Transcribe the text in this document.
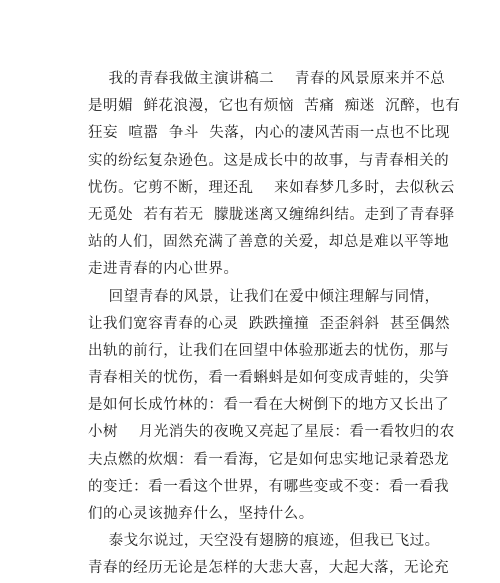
我的青春我做主演讲稿二    青春的风景原来并不总
是明媚  鲜花浪漫，它也有烦恼  苦痛  痴迷  沉醉，也有
狂妄  喧嚣  争斗  失落，内心的凄风苦雨一点也不比现
实的纷纭复杂逊色。这是成长中的故事，与青春相关的
忧伤。它剪不断，理还乱    来如春梦几多时，去似秋云
无觅处  若有若无  朦胧迷离又缠绵纠结。走到了青春驿
站的人们，固然充满了善意的关爱，却总是难以平等地
走进青春的内心世界。

回望青春的风景，让我们在爱中倾注理解与同情，
让我们宽容青春的心灵  跌跌撞撞  歪歪斜斜  甚至偶然
出轨的前行，让我们在回望中体验那逝去的忧伤，那与
青春相关的忧伤，看一看蝌蚪是如何变成青蛙的，尖笋
是如何长成竹林的：看一看在大树倒下的地方又长出了
小树    月光消失的夜晚又亮起了星辰：看一看牧归的农
夫点燃的炊烟：看一看海，它是如何忠实地记录着恐龙
的变迁：看一看这个世界，有哪些变或不变：看一看我
们的心灵该抛弃什么，坚持什么。

泰戈尔说过，天空没有翅膀的痕迹，但我已飞过。
青春的经历无论是怎样的大悲大喜，大起大落，无论充
